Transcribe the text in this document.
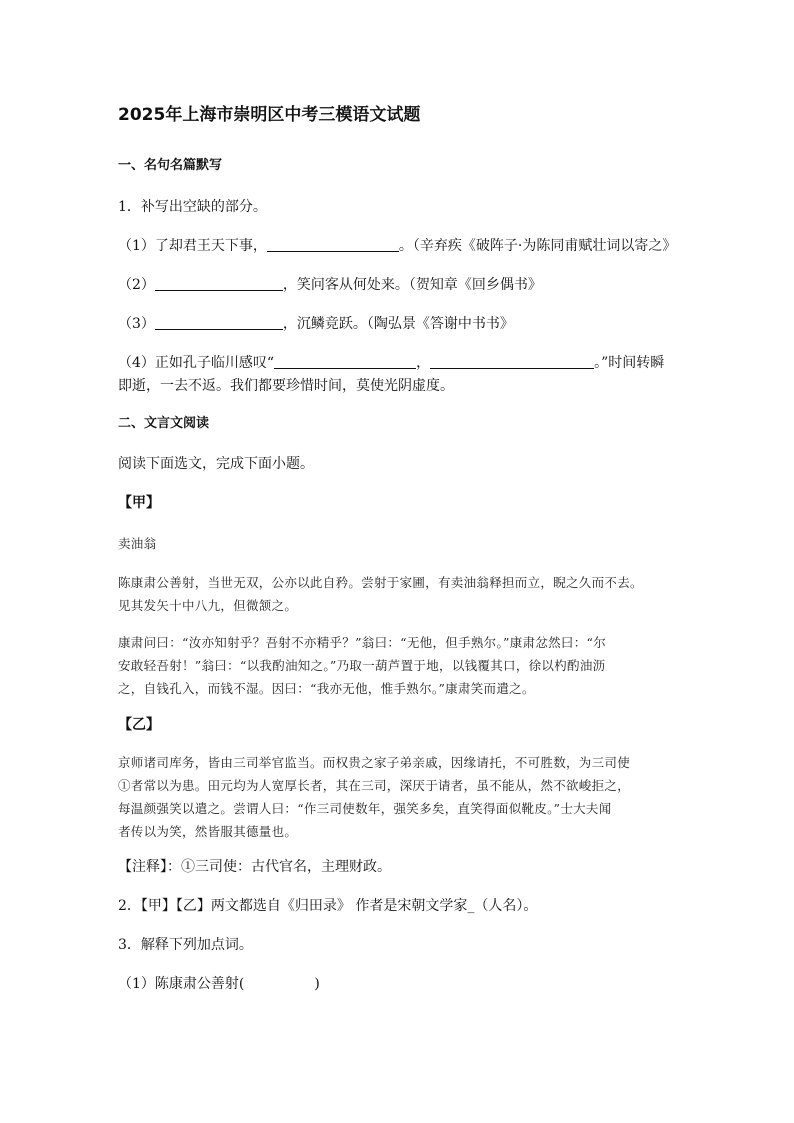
2025年上海市崇明区中考三模语文试题
一、名句名篇默写
1．补写出空缺的部分。
（1）了却君王天下事，	。（辛弃疾《破阵子·为陈同甫赋壮词以寄之》
（2）	，笑问客从何处来。（贺知章《回乡偶书》
（3）	，沉鳞竞跃。（陶弘景《答谢中书书》
（4）正如孔子临川感叹“	，	。”时间转瞬
即逝，一去不返。我们都要珍惜时间，莫使光阴虚度。
二、文言文阅读
阅读下面选文，完成下面小题。
【甲】
卖油翁
陈康肃公善射，当世无双，公亦以此自矜。尝射于家圃，有卖油翁释担而立，睨之久而不去。
见其发矢十中八九，但微颔之。
康肃问曰：“汝亦知射乎？吾射不亦精乎？”翁曰：“无他，但手熟尔。”康肃忿然曰：“尔
安敢轻吾射！”翁曰：“以我酌油知之。”乃取一葫芦置于地，以钱覆其口，徐以杓酌油沥
之，自钱孔入，而钱不湿。因曰：“我亦无他，惟手熟尔。”康肃笑而遣之。
【乙】
京师诸司库务，皆由三司举官监当。而权贵之家子弟亲戚，因缘请托，不可胜数，为三司使
①者常以为患。田元均为人宽厚长者，其在三司，深厌于请者，虽不能从，然不欲峻拒之，
每温颜强笑以遣之。尝谓人曰：“作三司使数年，强笑多矣，直笑得面似靴皮。”士大夫闻
者传以为笑，然皆服其德量也。
【注释】：①三司使：古代官名，主理财政。
2．【甲】【乙】两文都选自《归田录》 作者是宋朝文学家_（人名）。
3．解释下列加点词。
（1）陈康肃公善射(　　　　　)
